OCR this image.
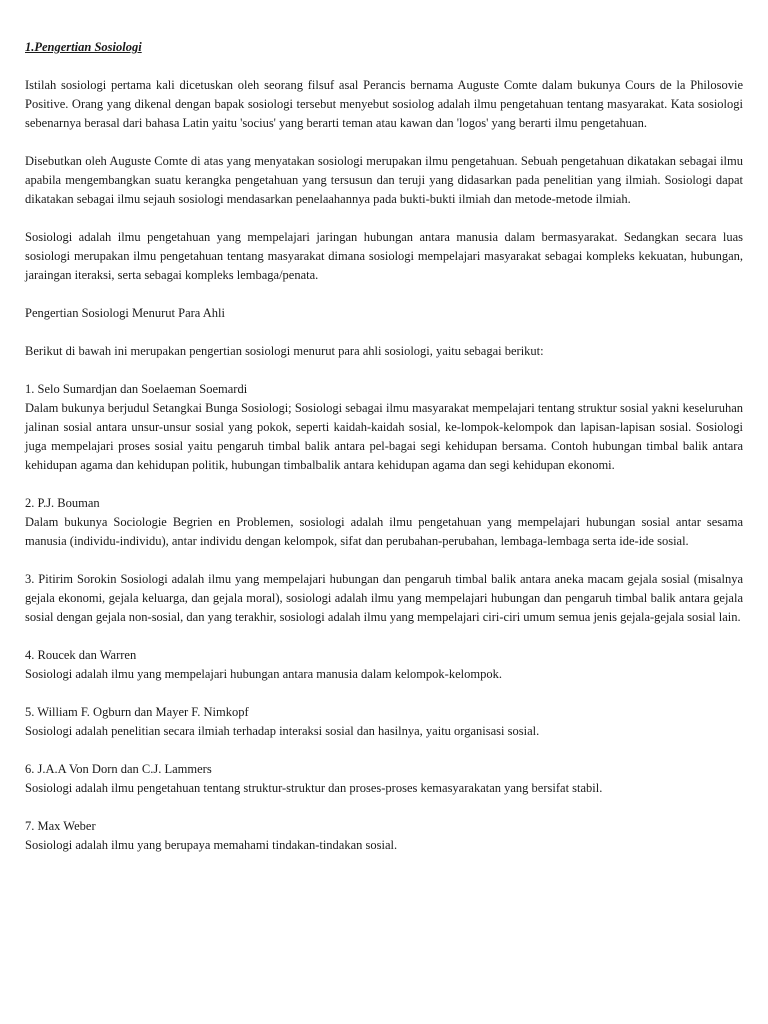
1.Pengertian Sosiologi

Istilah sosiologi pertama kali dicetuskan oleh seorang filsuf asal Perancis bernama Auguste Comte dalam bukunya Cours de la Philosovie Positive. Orang yang dikenal dengan bapak sosiologi tersebut menyebut sosiolog adalah ilmu pengetahuan tentang masyarakat. Kata sosiologi sebenarnya berasal dari bahasa Latin yaitu 'socius' yang berarti teman atau kawan dan 'logos' yang berarti ilmu pengetahuan.

Disebutkan oleh Auguste Comte di atas yang menyatakan sosiologi merupakan ilmu pengetahuan. Sebuah pengetahuan dikatakan sebagai ilmu apabila mengembangkan suatu kerangka pengetahuan yang tersusun dan teruji yang didasarkan pada penelitian yang ilmiah. Sosiologi dapat dikatakan sebagai ilmu sejauh sosiologi mendasarkan penelaahannya pada bukti-bukti ilmiah dan metode-metode ilmiah.

Sosiologi adalah ilmu pengetahuan yang mempelajari jaringan hubungan antara manusia dalam bermasyarakat. Sedangkan secara luas sosiologi merupakan ilmu pengetahuan tentang masyarakat dimana sosiologi mempelajari masyarakat sebagai kompleks kekuatan, hubungan, jaraingan iteraksi, serta sebagai kompleks lembaga/penata.

Pengertian Sosiologi Menurut Para Ahli

Berikut di bawah ini merupakan pengertian sosiologi menurut para ahli sosiologi, yaitu sebagai berikut:

1. Selo Sumardjan dan Soelaeman Soemardi
Dalam bukunya berjudul Setangkai Bunga Sosiologi; Sosiologi sebagai ilmu masyarakat mempelajari tentang struktur sosial yakni keseluruhan jalinan sosial antara unsur-unsur sosial yang pokok, seperti kaidah-kaidah sosial, ke-lompok-kelompok dan lapisan-lapisan sosial. Sosiologi juga mempelajari proses sosial yaitu pengaruh timbal balik antara pel-bagai segi kehidupan bersama. Contoh hubungan timbal balik antara kehidupan agama dan kehidupan politik, hubungan timbalbalik antara kehidupan agama dan segi kehidupan ekonomi.
2. P.J. Bouman
Dalam bukunya Sociologie Begrien en Problemen, sosiologi adalah ilmu pengetahuan yang mempelajari hubungan sosial antar sesama manusia (individu-individu), antar individu dengan kelompok, sifat dan perubahan-perubahan, lembaga-lembaga serta ide-ide sosial.
3. Pitirim Sorokin Sosiologi adalah ilmu yang mempelajari hubungan dan pengaruh timbal balik antara aneka macam gejala sosial (misalnya gejala ekonomi, gejala keluarga, dan gejala moral), sosiologi adalah ilmu yang mempelajari hubungan dan pengaruh timbal balik antara gejala sosial dengan gejala non-sosial, dan yang terakhir, sosiologi adalah ilmu yang mempelajari ciri-ciri umum semua jenis gejala-gejala sosial lain.
4. Roucek dan Warren
Sosiologi adalah ilmu yang mempelajari hubungan antara manusia dalam kelompok-kelompok.
5. William F. Ogburn dan Mayer F. Nimkopf
Sosiologi adalah penelitian secara ilmiah terhadap interaksi sosial dan hasilnya, yaitu organisasi sosial.
6. J.A.A Von Dorn dan C.J. Lammers
Sosiologi adalah ilmu pengetahuan tentang struktur-struktur dan proses-proses kemasyarakatan yang bersifat stabil.
7. Max Weber
Sosiologi adalah ilmu yang berupaya memahami tindakan-tindakan sosial.
